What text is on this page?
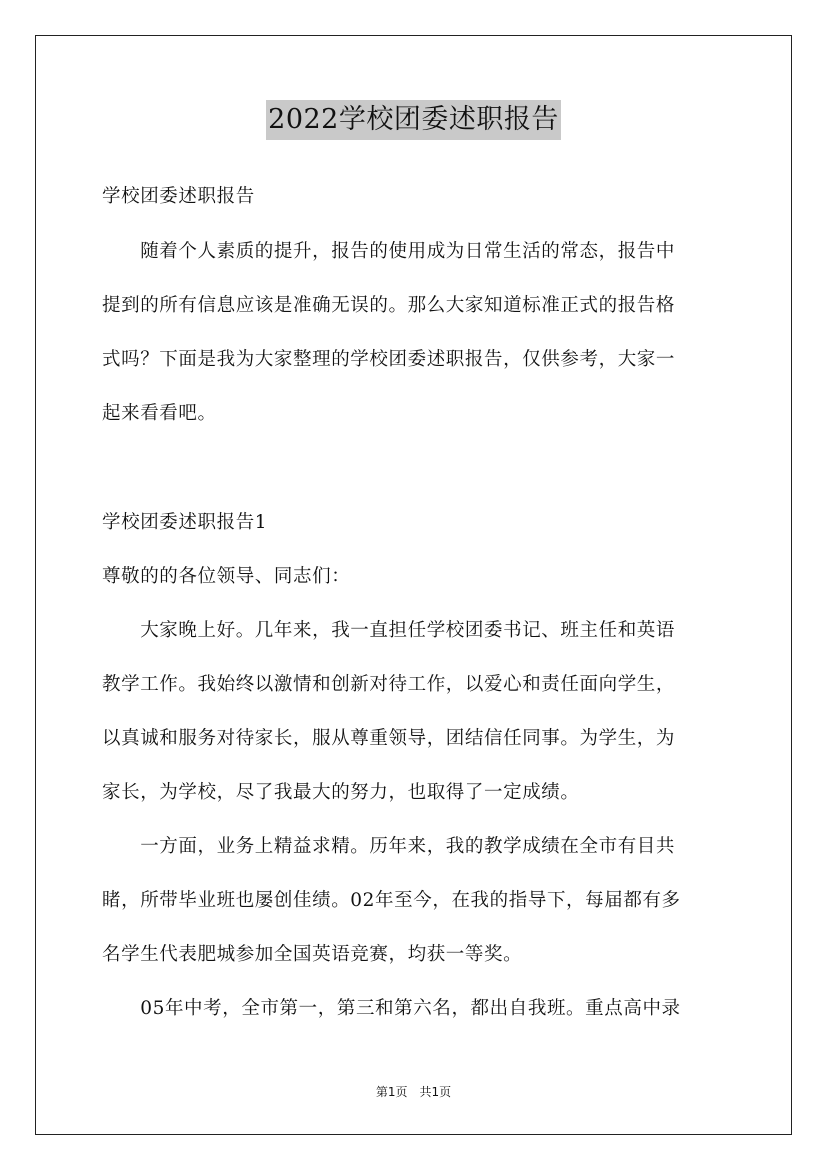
2022学校团委述职报告
学校团委述职报告
　　随着个人素质的提升，报告的使用成为日常生活的常态，报告中
提到的所有信息应该是准确无误的。那么大家知道标准正式的报告格
式吗？下面是我为大家整理的学校团委述职报告，仅供参考，大家一
起来看看吧。
学校团委述职报告1
尊敬的的各位领导、同志们：
　　大家晚上好。几年来，我一直担任学校团委书记、班主任和英语
教学工作。我始终以激情和创新对待工作，以爱心和责任面向学生，
以真诚和服务对待家长，服从尊重领导，团结信任同事。为学生，为
家长，为学校，尽了我最大的努力，也取得了一定成绩。
　　一方面，业务上精益求精。历年来，我的教学成绩在全市有目共
睹，所带毕业班也屡创佳绩。02年至今，在我的指导下，每届都有多
名学生代表肥城参加全国英语竞赛，均获一等奖。
　　05年中考，全市第一，第三和第六名，都出自我班。重点高中录
第1页　共1页
